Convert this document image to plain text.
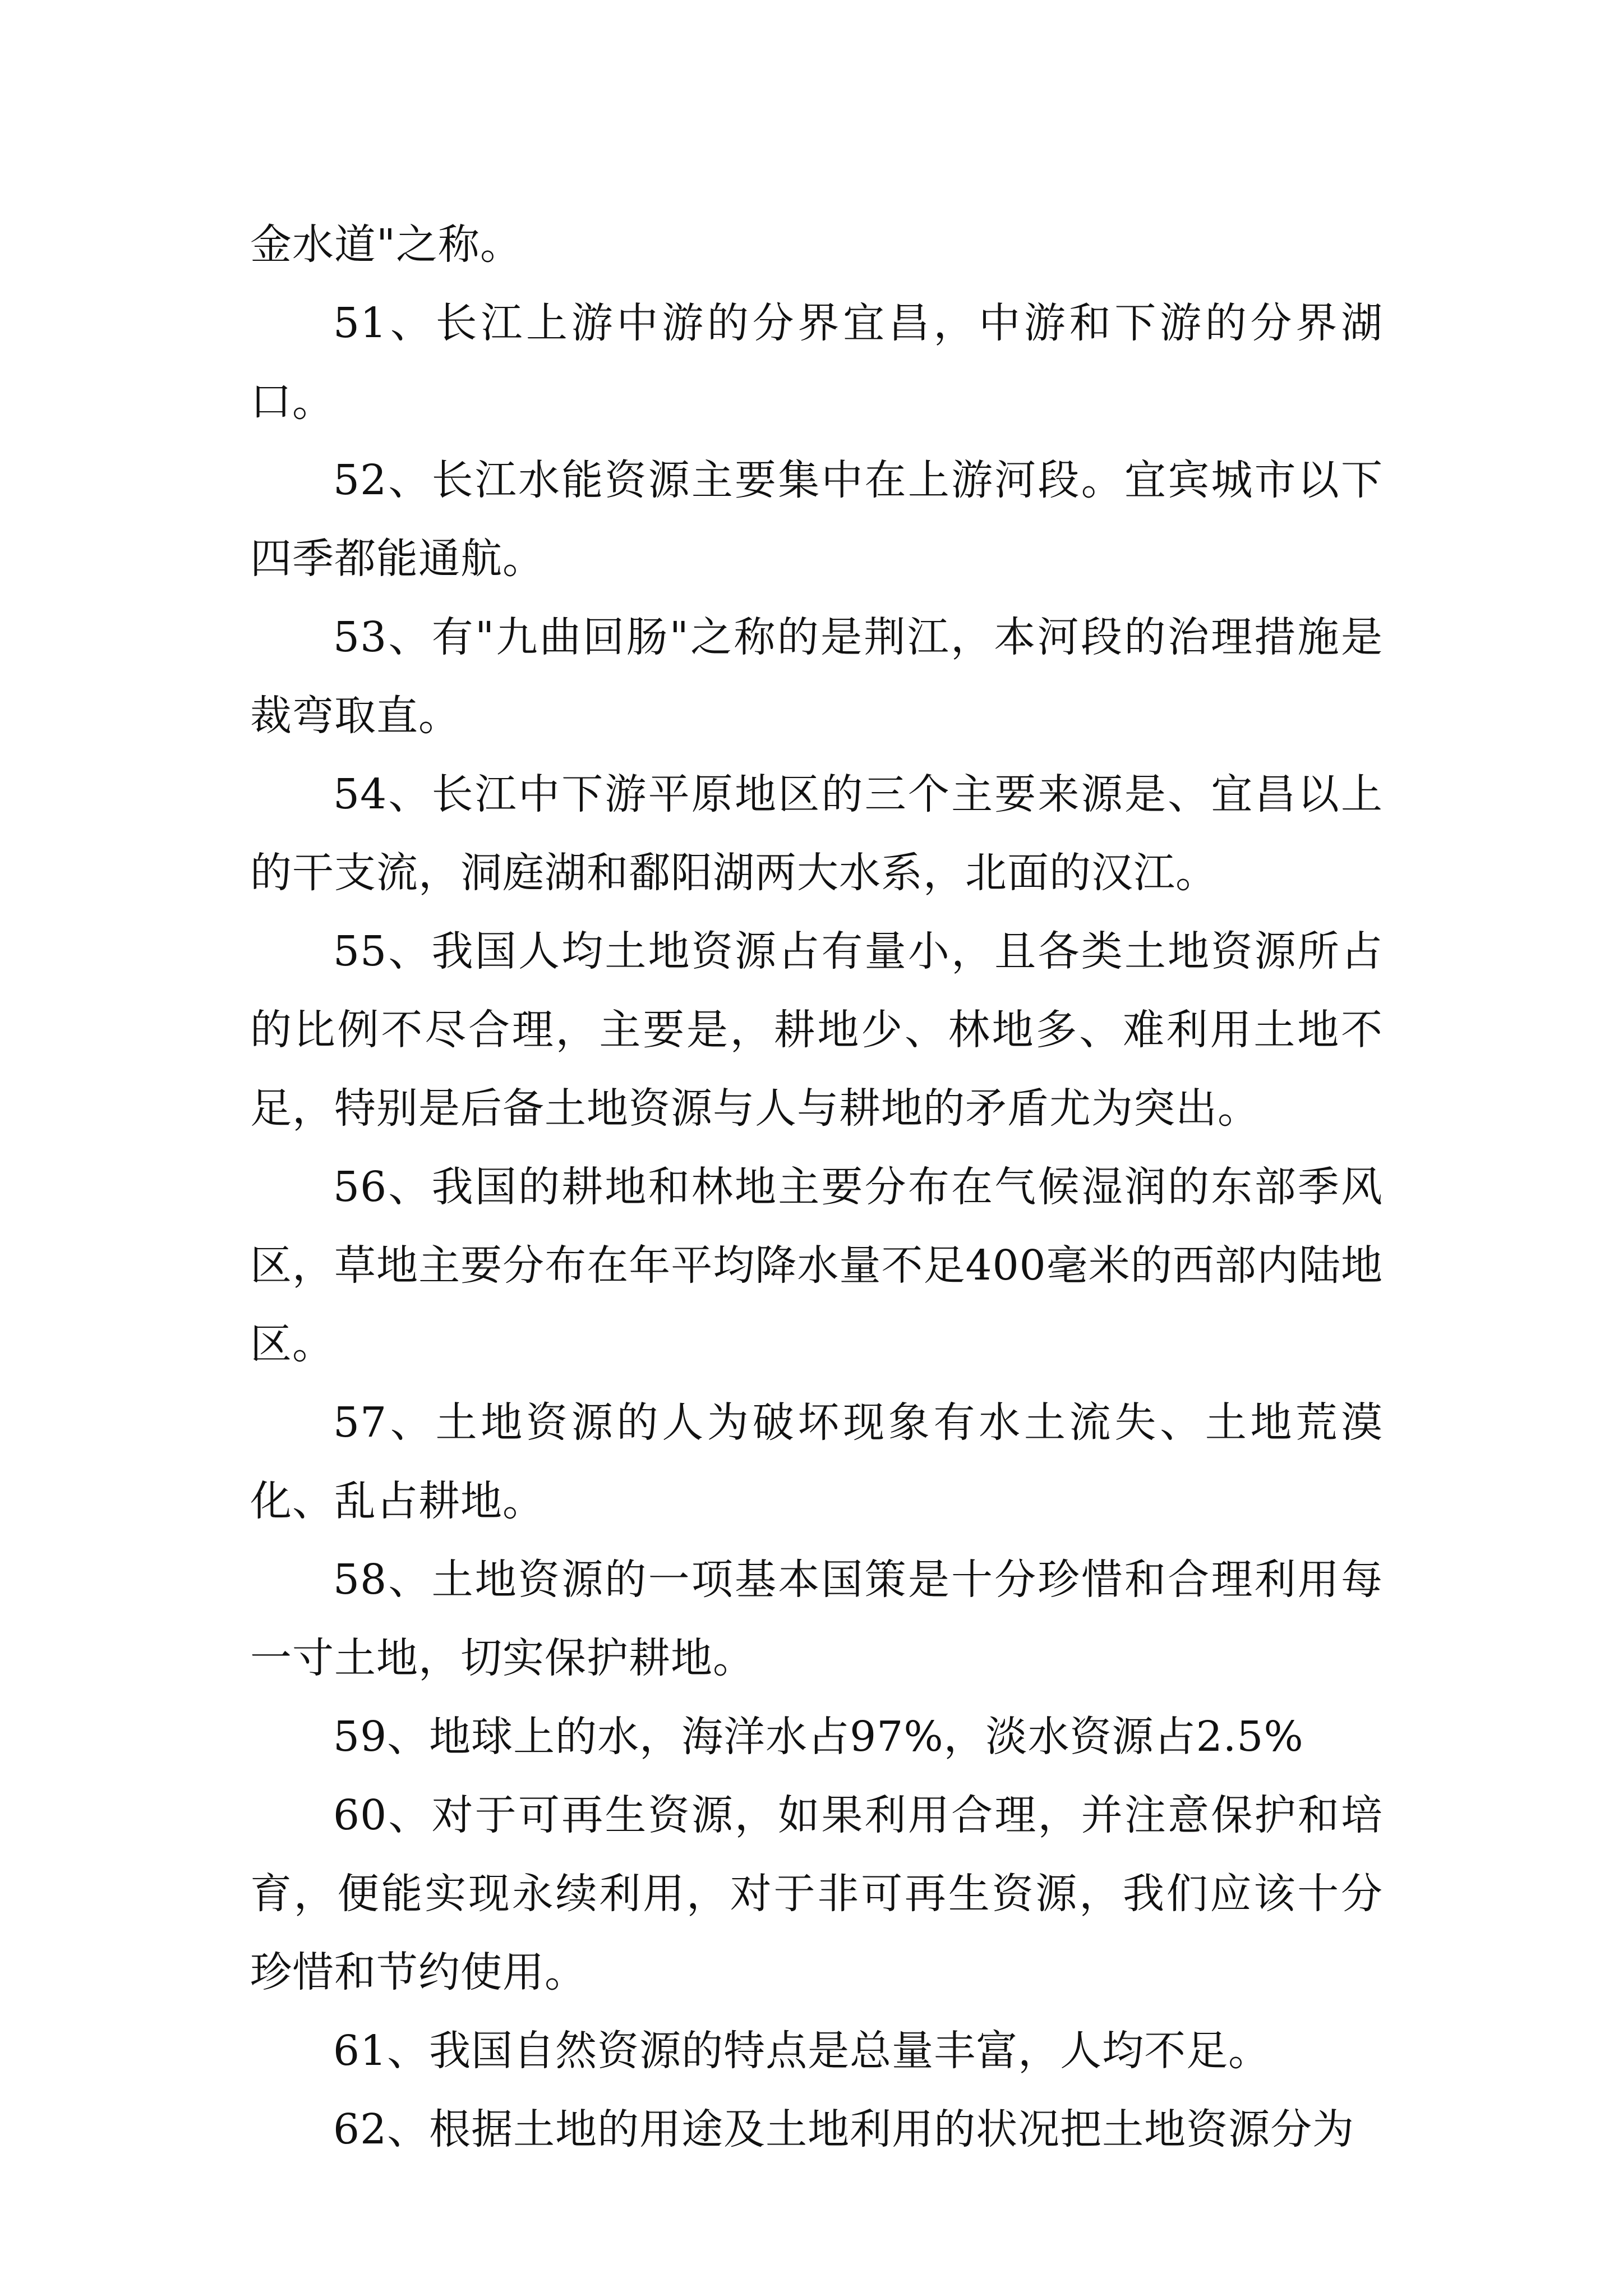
金水道"之称。

51、长江上游中游的分界宜昌，中游和下游的分界湖口。

52、长江水能资源主要集中在上游河段。宜宾城市以下四季都能通航。

53、有"九曲回肠"之称的是荆江，本河段的治理措施是裁弯取直。

54、长江中下游平原地区的三个主要来源是、宜昌以上的干支流，洞庭湖和鄱阳湖两大水系，北面的汉江。

55、我国人均土地资源占有量小，且各类土地资源所占的比例不尽合理，主要是，耕地少、林地多、难利用土地不足，特别是后备土地资源与人与耕地的矛盾尤为突出。

56、我国的耕地和林地主要分布在气候湿润的东部季风区，草地主要分布在年平均降水量不足400毫米的西部内陆地区。

57、土地资源的人为破坏现象有水土流失、土地荒漠化、乱占耕地。

58、土地资源的一项基本国策是十分珍惜和合理利用每一寸土地，切实保护耕地。

59、地球上的水，海洋水占97%，淡水资源占2.5%

60、对于可再生资源，如果利用合理，并注意保护和培育，便能实现永续利用，对于非可再生资源，我们应该十分珍惜和节约使用。

61、我国自然资源的特点是总量丰富，人均不足。

62、根据土地的用途及土地利用的状况把土地资源分为
